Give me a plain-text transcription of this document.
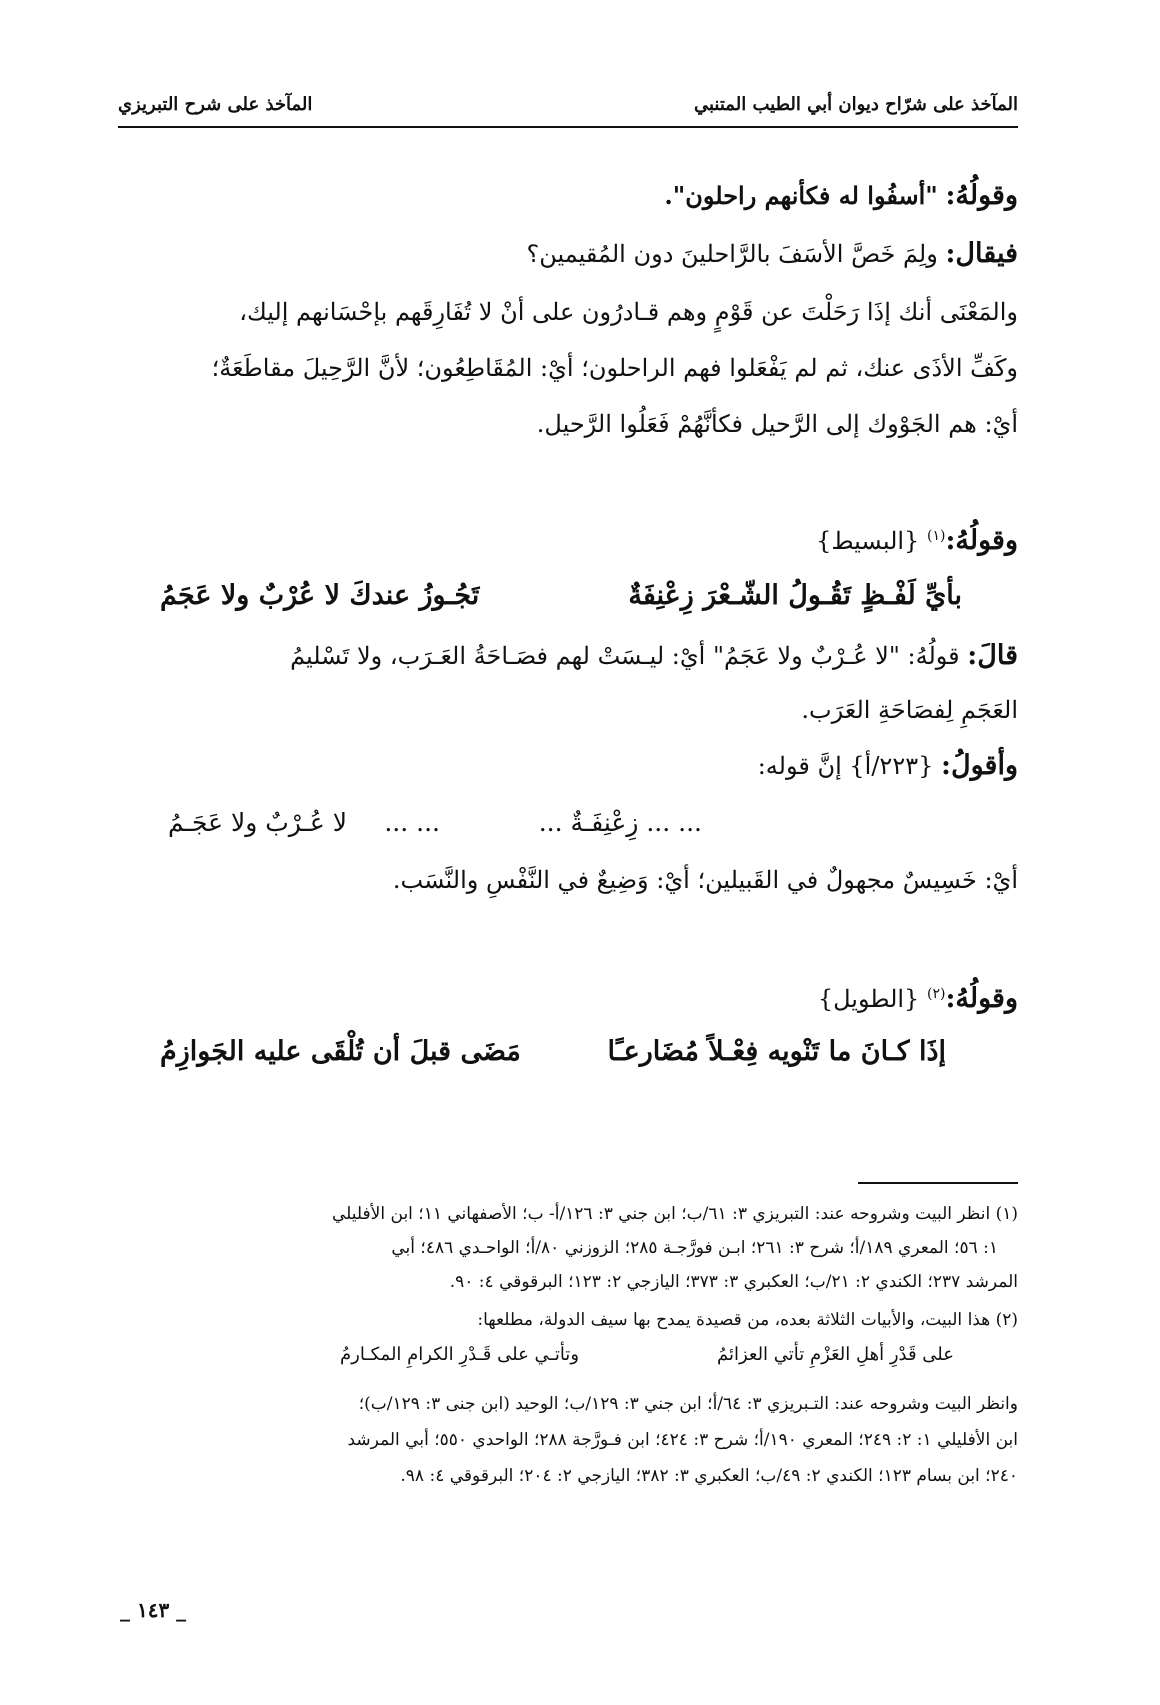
المآخذ على شرّاح ديوان أبي الطيب المتنبي
المآخذ على شرح التبريزي
وقولُهُ: "أسفُوا له فكأنهم راحلون".
فيقال: ولِمَ خَصَّ الأسَفَ بالرَّاحلينَ دون المُقيمين؟
والمَعْنَى أنك إذَا رَحَلْتَ عن قَوْمٍ وهم قـادرُون على أنْ لا تُفَارِقَهم بإحْسَانهم إليك،
وكَفِّ الأذَى عنك، ثم لم يَفْعَلوا فهم الراحلون؛ أيْ: المُقَاطِعُون؛ لأنَّ الرَّحِيلَ مقاطَعَةٌ؛
أيْ: هم الجَوْوك إلى الرَّحيل فكأنَّهُمْ فَعَلُوا الرَّحيل.
وقولُهُ:$^{(١)}$ {البسيط}
بأيِّ لَفْـظٍ تَقُـولُ الشّـعْرَ زِعْنِفَةٌ
تَجُـوزُ عندكَ لا عُرْبٌ ولا عَجَمُ
قالَ: قولُهُ: "لا عُـرْبٌ ولا عَجَمُ" أيْ: ليـسَتْ لهم فصَـاحَةُ العَـرَب، ولا تَسْليمُ
العَجَمِ لِفصَاحَةِ العَرَب.
وأقولُ: {٢٢٣/أ} إنَّ قوله:
... ... زِعْنِفَـةٌ ...
لا عُـرْبٌ ولا عَجَـمُ ... ...
أيْ: خَسِيسٌ مجهولٌ في القَبيلين؛ أيْ: وَضِيعٌ في النَّفْسِ والنَّسَب.
وقولُهُ:$^{(٢)}$ {الطويل}
إذَا كـانَ ما تَنْويه فِعْـلاً مُضَارعـًا
مَضَى قبلَ أن تُلْقَى عليه الجَوازِمُ
(١) انظر البيت وشروحه عند: التبريزي ٣: ٦١/ب؛ ابن جني ٣: ١٢٦/أ- ب؛ الأصفهاني ١١؛ ابن الأفليلي
١: ٥٦؛ المعري ١٨٩/أ؛ شرح ٣: ٢٦١؛ ابـن فورَّجـة ٢٨٥؛ الزوزني ٨٠/أ؛ الواحـدي ٤٨٦؛ أبي
المرشد ٢٣٧؛ الكندي ٢: ٢١/ب؛ العكبري ٣: ٣٧٣؛ اليازجي ٢: ١٢٣؛ البرقوقي ٤: ٩٠.
(٢) هذا البيت، والأبيات الثلاثة بعده، من قصيدة يمدح بها سيف الدولة، مطلعها:
على قَدْرِ أهلِ العَزْمِ تأتي العزائمُ
وتأتـي على قَـدْرِ الكرامِ المكـارمُ
وانظر البيت وشروحه عند: التـبريزي ٣: ٦٤/أ؛ ابن جني ٣: ١٢٩/ب؛ الوحيد (ابن جنى ٣: ١٢٩/ب)؛
ابن الأفليلي ١: ٢: ٢٤٩؛ المعري ١٩٠/أ؛ شرح ٣: ٤٢٤؛ ابن فـورَّجة ٢٨٨؛ الواحدي ٥٥٠؛ أبي المرشد
٢٤٠؛ ابن بسام ١٢٣؛ الكندي ٢: ٤٩/ب؛ العكبري ٣: ٣٨٢؛ اليازجي ٢: ٢٠٤؛ البرقوقي ٤: ٩٨.
_ ١٤٣ _
